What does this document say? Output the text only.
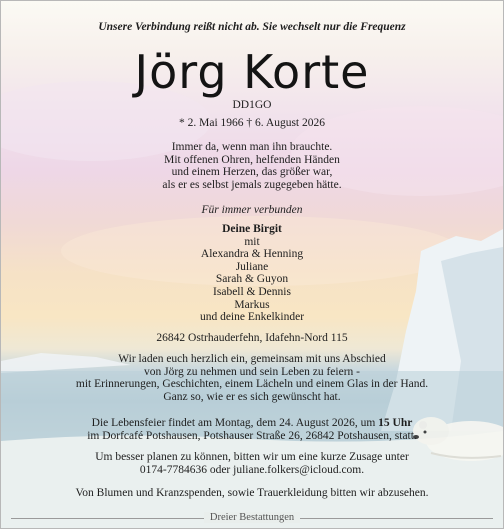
Unsere Verbindung reißt nicht ab. Sie wechselt nur die Frequenz
Jörg Korte
DD1GO
* 2. Mai 1966 † 6. August 2026
Immer da, wenn man ihn brauchte.
Mit offenen Ohren, helfenden Händen
und einem Herzen, das größer war,
als er es selbst jemals zugegeben hätte.
Für immer verbunden
Deine Birgit
mit
Alexandra & Henning
Juliane
Sarah & Guyon
Isabell & Dennis
Markus
und deine Enkelkinder
26842 Ostrhauderfehn, Idafehn-Nord 115
Wir laden euch herzlich ein, gemeinsam mit uns Abschied
von Jörg zu nehmen und sein Leben zu feiern -
mit Erinnerungen, Geschichten, einem Lächeln und einem Glas in der Hand.
Ganz so, wie er es sich gewünscht hat.
Die Lebensfeier findet am Montag, dem 24. August 2026, um 15 Uhr
im Dorfcafé Potshausen, Potshauser Straße 26, 26842 Potshausen, statt.
Um besser planen zu können, bitten wir um eine kurze Zusage unter
0174-7784636 oder juliane.folkers@icloud.com.
Von Blumen und Kranzspenden, sowie Trauerkleidung bitten wir abzusehen.
Dreier Bestattungen
